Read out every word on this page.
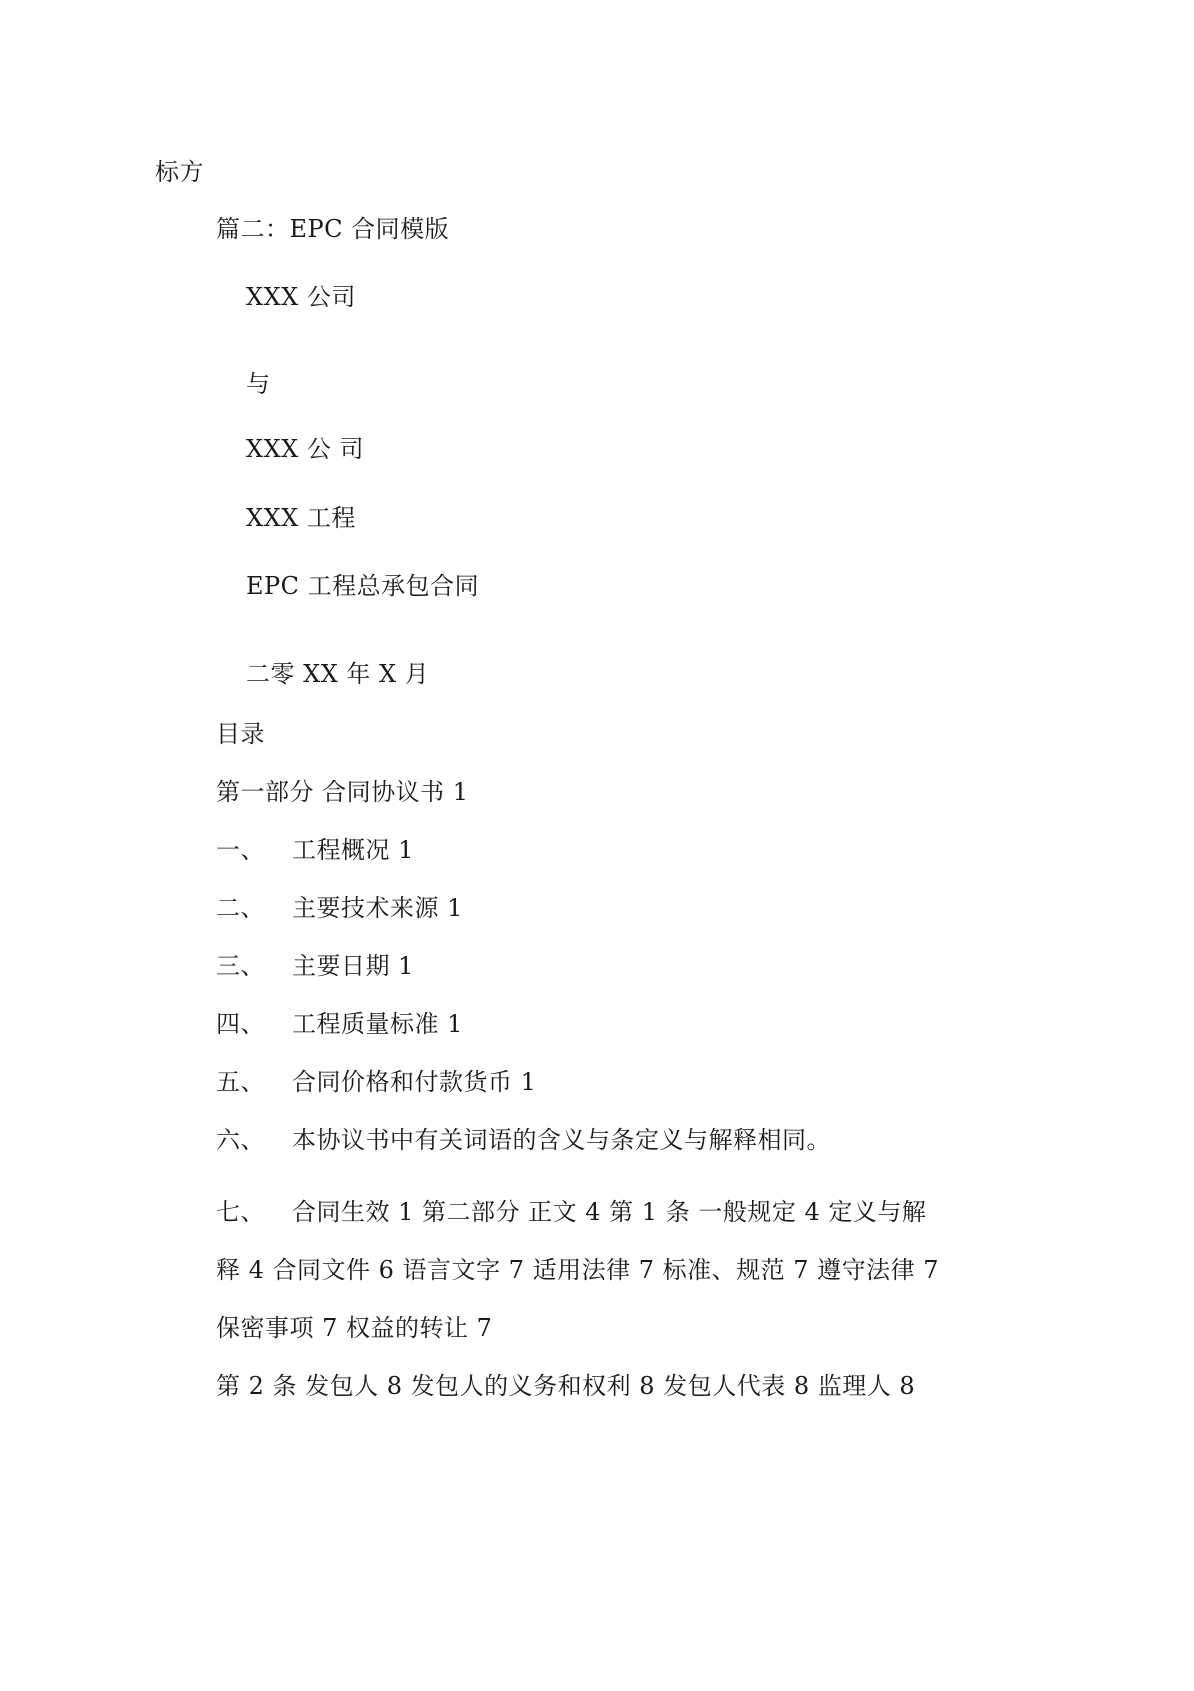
标方
篇二：EPC 合同模版
XXX 公司
与
XXX 公 司
XXX 工程
EPC 工程总承包合同
二零 XX 年 X 月
目录
第一部分 合同协议书 1
一、 工程概况 1
二、 主要技术来源 1
三、 主要日期 1
四、 工程质量标准 1
五、 合同价格和付款货币 1
六、 本协议书中有关词语的含义与条定义与解释相同。
七、 合同生效 1 第二部分 正文 4 第 1 条 一般规定 4 定义与解
释 4 合同文件 6 语言文字 7 适用法律 7 标准、规范 7 遵守法律 7
保密事项 7 权益的转让 7
第 2 条 发包人 8 发包人的义务和权利 8 发包人代表 8 监理人 8
